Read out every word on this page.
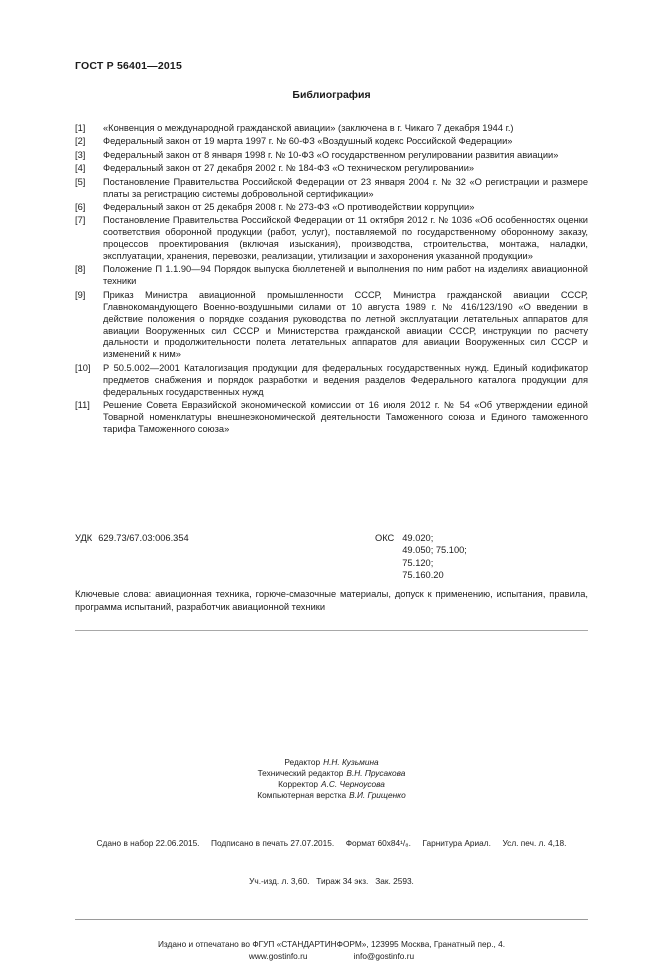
ГОСТ Р 56401—2015
Библиография
[1]	«Конвенция о международной гражданской авиации» (заключена в г. Чикаго 7 декабря 1944 г.)
[2]	Федеральный закон от 19 марта 1997 г. № 60-ФЗ «Воздушный кодекс Российской Федерации»
[3]	Федеральный закон от 8 января 1998 г. № 10-ФЗ «О государственном регулировании развития авиации»
[4]	Федеральный закон от 27 декабря 2002 г. № 184-ФЗ «О техническом регулировании»
[5]	Постановление Правительства Российской Федерации от 23 января 2004 г. № 32 «О регистрации и размере платы за регистрацию системы добровольной сертификации»
[6]	Федеральный закон от 25 декабря 2008 г. № 273-ФЗ «О противодействии коррупции»
[7]	Постановление Правительства Российской Федерации от 11 октября 2012 г. № 1036 «Об особенностях оценки соответствия оборонной продукции (работ, услуг), поставляемой по государственному оборонному заказу, процессов проектирования (включая изыскания), производства, строительства, монтажа, наладки, эксплуатации, хранения, перевозки, реализации, утилизации и захоронения указанной продукции»
[8]	Положение П 1.1.90—94 Порядок выпуска бюллетеней и выполнения по ним работ на изделиях авиационной техники
[9]	Приказ Министра авиационной промышленности СССР, Министра гражданской авиации СССР, Главнокомандующего Военно-воздушными силами от 10 августа 1989 г. № 416/123/190 «О введении в действие положения о порядке создания руководства по летной эксплуатации летательных аппаратов для авиации Вооруженных сил СССР и Министерства гражданской авиации СССР, инструкции по расчету дальности и продолжительности полета летательных аппаратов для авиации Вооруженных сил СССР и изменений к ним»
[10]	Р 50.5.002—2001 Каталогизация продукции для федеральных государственных нужд. Единый кодификатор предметов снабжения и порядок разработки и ведения разделов Федерального каталога продукции для федеральных государственных нужд
[11]	Решение Совета Евразийской экономической комиссии от 16 июля 2012 г. № 54 «Об утверждении единой Товарной номенклатуры внешнеэкономической деятельности Таможенного союза и Единого таможенного тарифа Таможенного союза»
УДК 629.73/67.03:006.354	ОКС 49.020;
49.050; 75.100;
75.120;
75.160.20
Ключевые слова: авиационная техника, горюче-смазочные материалы, допуск к применению, испытания, правила, программа испытаний, разработчик авиационной техники
Редактор Н.Н. Кузьмина
Технический редактор В.Н. Прусакова
Корректор А.С. Черноусова
Компьютерная верстка В.И. Грищенко

Сдано в набор 22.06.2015.     Подписано в печать 27.07.2015.     Формат 60х84¹/₈.     Гарнитура Ариал.     Усл. печ. л. 4,18.

Уч.-изд. л. 3,60.   Тираж 34 экз.   Зак. 2593.

Издано и отпечатано во ФГУП «СТАНДАРТИНФОРМ», 123995 Москва, Гранатный пер., 4.
www.gostinfo.ru                    info@gostinfo.ru
